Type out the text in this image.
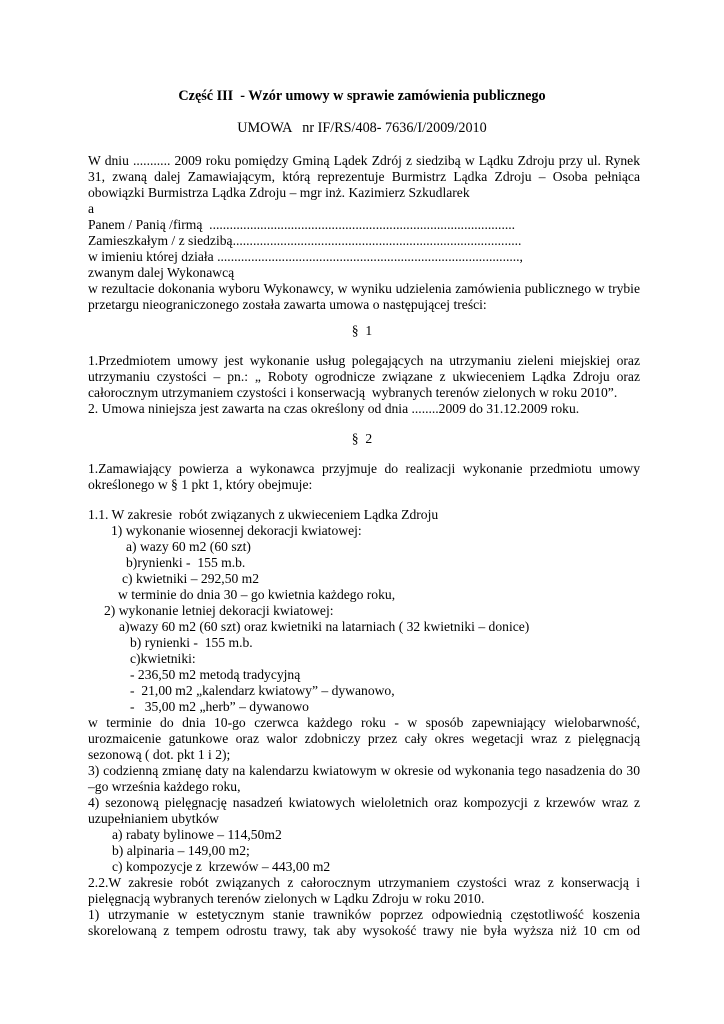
Część III  - Wzór umowy w sprawie zamówienia publicznego
UMOWA   nr IF/RS/408- 7636/I/2009/2010
W dniu ........... 2009 roku pomiędzy Gminą Lądek Zdrój z siedzibą w Lądku Zdroju przy ul. Rynek
31, zwaną dalej Zamawiającym, którą reprezentuje Burmistrz Lądka Zdroju – Osoba pełniąca
obowiązki Burmistrza Lądka Zdroju – mgr inż. Kazimierz Szkudlarek
a
Panem / Panią /firmą  ..........................................................................................
Zamieszkałym / z siedzibą.....................................................................................
w imieniu której działa .........................................................................................,
zwanym dalej Wykonawcą
w rezultacie dokonania wyboru Wykonawcy, w wyniku udzielenia zamówienia publicznego w trybie
przetargu nieograniczonego została zawarta umowa o następującej treści:
§  1
1.Przedmiotem umowy jest wykonanie usług polegających na utrzymaniu zieleni miejskiej oraz
utrzymaniu czystości – pn.: „ Roboty ogrodnicze związane z ukwieceniem Lądka Zdroju oraz
całorocznym utrzymaniem czystości i konserwacją  wybranych terenów zielonych w roku 2010”.
2. Umowa niniejsza jest zawarta na czas określony od dnia ........2009 do 31.12.2009 roku.
§  2
1.Zamawiający powierza a wykonawca przyjmuje do realizacji wykonanie przedmiotu umowy
określonego w § 1 pkt 1, który obejmuje:
1.1. W zakresie  robót związanych z ukwieceniem Lądka Zdroju
1) wykonanie wiosennej dekoracji kwiatowej:
a) wazy 60 m2 (60 szt)
b)rynienki -  155 m.b.
c) kwietniki – 292,50 m2
w terminie do dnia 30 – go kwietnia każdego roku,
2) wykonanie letniej dekoracji kwiatowej:
a)wazy 60 m2 (60 szt) oraz kwietniki na latarniach ( 32 kwietniki – donice)
b) rynienki -  155 m.b.
c)kwietniki:
- 236,50 m2 metodą tradycyjną
-  21,00 m2 „kalendarz kwiatowy” – dywanowo,
-   35,00 m2 „herb” – dywanowo
w terminie do dnia 10-go czerwca każdego roku - w sposób zapewniający wielobarwność,
urozmaicenie gatunkowe oraz walor zdobniczy przez cały okres wegetacji wraz z pielęgnacją
sezonową ( dot. pkt 1 i 2);
3) codzienną zmianę daty na kalendarzu kwiatowym w okresie od wykonania tego nasadzenia do 30
–go września każdego roku,
4) sezonową pielęgnację nasadzeń kwiatowych wieloletnich oraz kompozycji z krzewów wraz z
uzupełnianiem ubytków
a) rabaty bylinowe – 114,50m2
b) alpinaria – 149,00 m2;
c) kompozycje z  krzewów – 443,00 m2
2.2.W zakresie robót związanych z całorocznym utrzymaniem czystości wraz z konserwacją i
pielęgnacją wybranych terenów zielonych w Lądku Zdroju w roku 2010.
1) utrzymanie w estetycznym stanie trawników poprzez odpowiednią częstotliwość koszenia
skorelowaną z tempem odrostu trawy, tak aby wysokość trawy nie była wyższa niż 10 cm od
